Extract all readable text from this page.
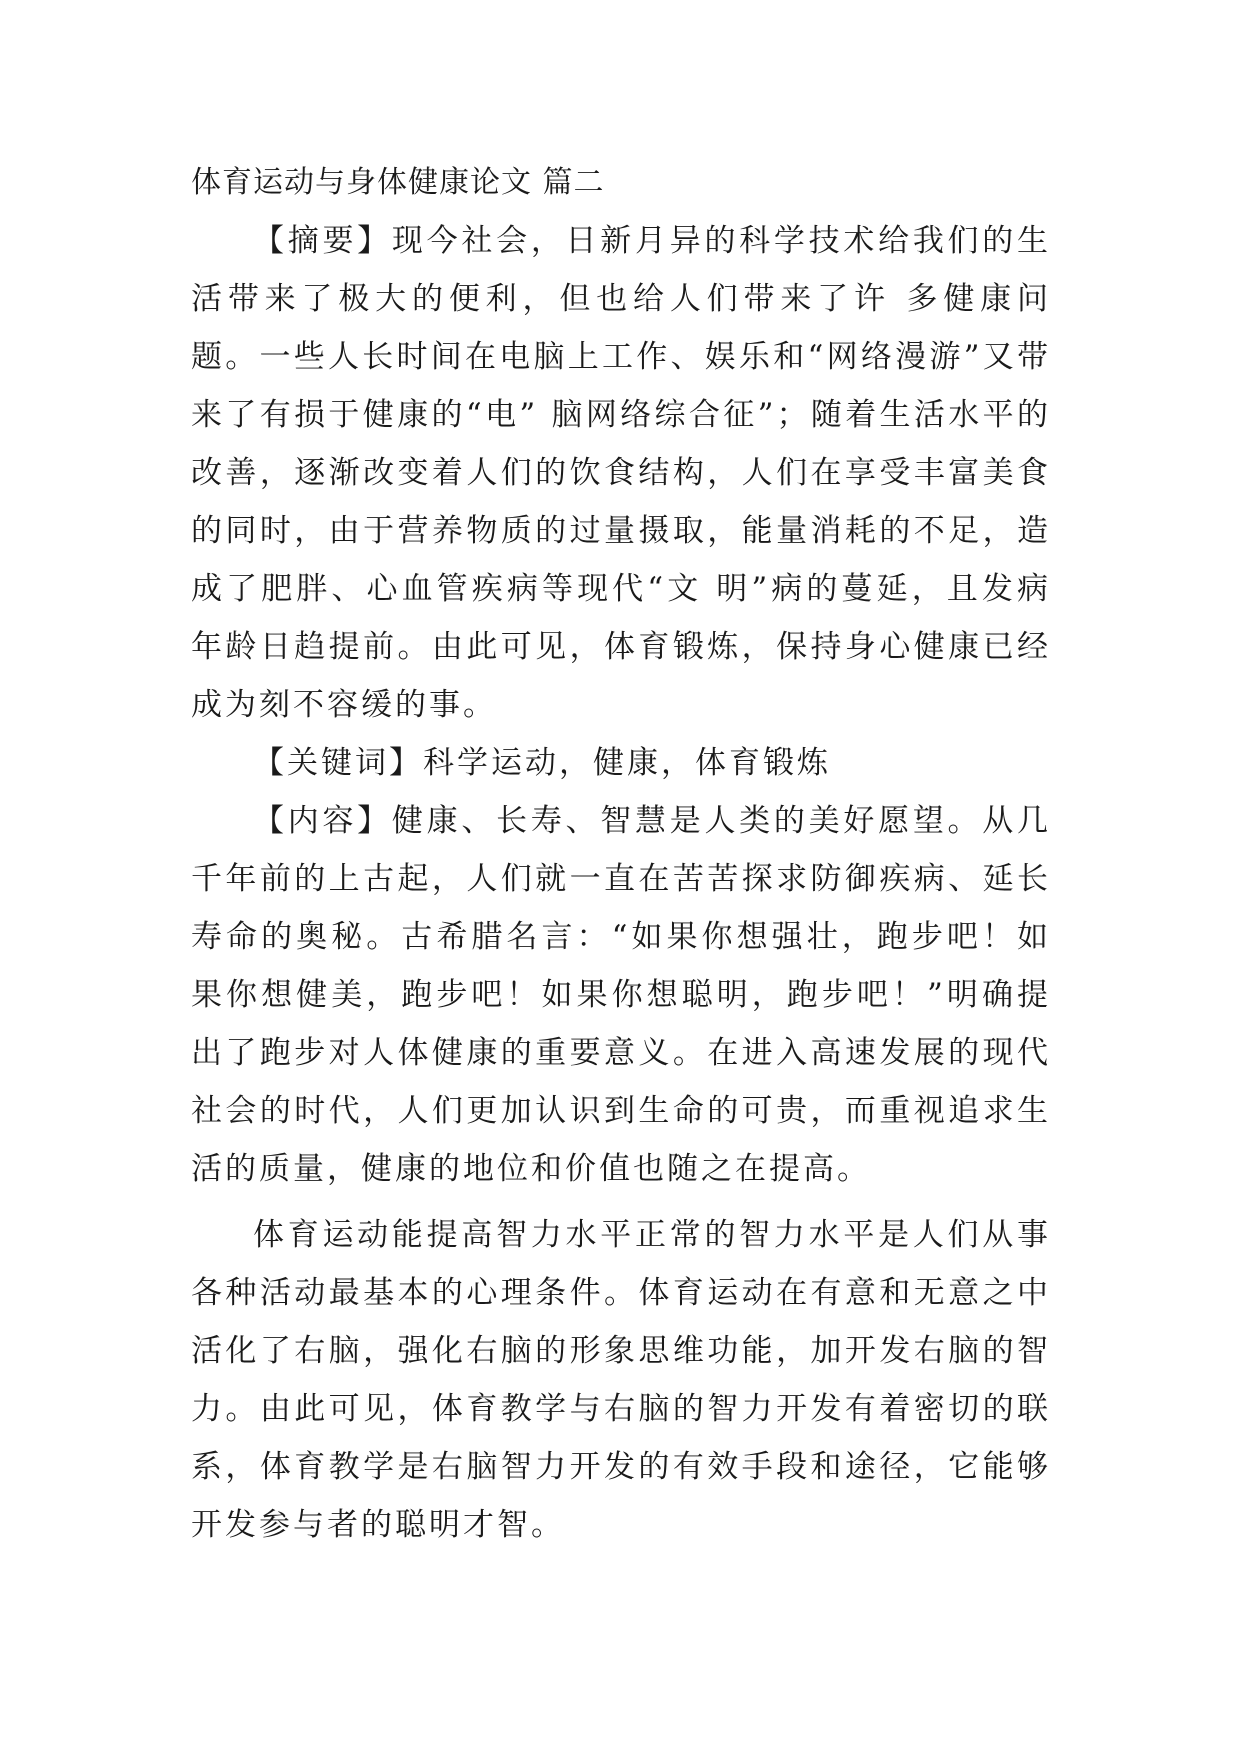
体育运动与身体健康论文 篇二

【摘要】现今社会，日新月异的科学技术给我们的生活带来了极大的便利，但也给人们带来了许 多健康问题。一些人长时间在电脑上工作、娱乐和“网络漫游”又带来了有损于健康的“电” 脑网络综合征”；随着生活水平的改善，逐渐改变着人们的饮食结构，人们在享受丰富美食的同时，由于营养物质的过量摄取，能量消耗的不足，造成了肥胖、心血管疾病等现代“文 明”病的蔓延，且发病年龄日趋提前。由此可见，体育锻炼，保持身心健康已经成为刻不容缓的事。

【关键词】科学运动，健康，体育锻炼

【内容】健康、长寿、智慧是人类的美好愿望。从几千年前的上古起，人们就一直在苦苦探求防御疾病、延长寿命的奥秘。古希腊名言：“如果你想强壮，跑步吧！如果你想健美，跑步吧！如果你想聪明，跑步吧！”明确提出了跑步对人体健康的重要意义。在进入高速发展的现代社会的时代，人们更加认识到生命的可贵，而重视追求生活的质量，健康的地位和价值也随之在提高。

体育运动能提高智力水平正常的智力水平是人们从事各种活动最基本的心理条件。体育运动在有意和无意之中活化了右脑，强化右脑的形象思维功能，加开发右脑的智力。由此可见，体育教学与右脑的智力开发有着密切的联系，体育教学是右脑智力开发的有效手段和途径，它能够开发参与者的聪明才智。
